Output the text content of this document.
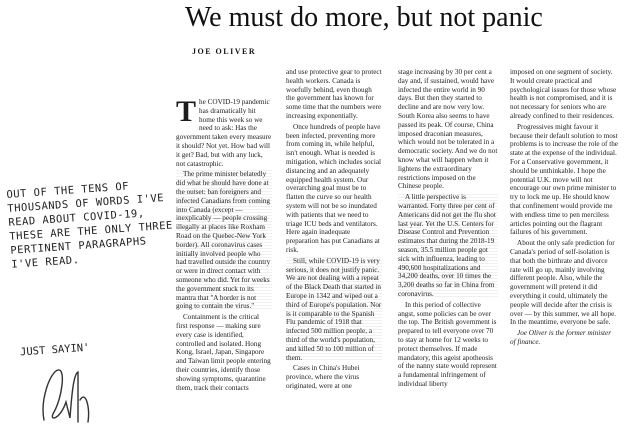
We must do more, but not panic
JOE OLIVER

The COVID-19 pandemic has dramatically hit home this week so we need to ask: Has the government taken every measure it should? Not yet. How bad will it get? Bad, but with any luck, not catastrophic.

The prime minister belatedly did what he should have done at the outset: ban foreigners and infected Canadians from coming into Canada (except — inexplicably — people crossing illegally at places like Roxham Road on the Quebec-New York border). All coronavirus cases initially involved people who had travelled outside the country or were in direct contact with someone who did. Yet for weeks the government stuck to its mantra that "A border is not going to contain the virus."

Containment is the critical first response — making sure every case is identified, controlled and isolated. Hong Kong, Israel, Japan, Singapore and Taiwan limit people entering their countries, identify those showing symptoms, quarantine them, track their contacts

and use protective gear to protect health workers. Canada is woefully behind, even though the government has known for some time that the numbers were increasing exponentially.

Once hundreds of people have been infected, preventing more from coming in, while helpful, isn't enough. What is needed is mitigation, which includes social distancing and an adequately equipped health system. Our overarching goal must be to flatten the curve so our health system will not be so inundated with patients that we need to triage ICU beds and ventilators. Here again inadequate preparation has put Canadians at risk.

Still, while COVID-19 is very serious, it does not justify panic. We are not dealing with a repeat of the Black Death that started in Europe in 1342 and wiped out a third of Europe's population. Nor is it comparable to the Spanish Flu pandemic of 1918 that infected 500 million people, a third of the world's population, and killed 50 to 100 million of them.

Cases in China's Hubei province, where the virus originated, were at one

stage increasing by 30 per cent a day and, if sustained, would have infected the entire world in 90 days. But then they started to decline and are now very low. South Korea also seems to have passed its peak. Of course, China imposed draconian measures, which would not be tolerated in a democratic society. And we do not know what will happen when it lightens the extraordinary restrictions imposed on the Chinese people.

A little perspective is warranted. Forty three per cent of Americans did not get the flu shot last year. Yet the U.S. Centers for Disease Control and Prevention estimates that during the 2018-19 season, 35.5 million people got sick with influenza, leading to 490,600 hospitalizations and 34,200 deaths, over 10 times the 3,200 deaths so far in China from coronavirus.

In this period of collective angst, some policies can be over the top. The British government is prepared to tell everyone over 70 to stay at home for 12 weeks to protect themselves. If made mandatory, this ageist apotheosis of the nanny state would represent a fundamental infringement of individual liberty

imposed on one segment of society. It would create practical and psychological issues for those whose health is not compromised, and it is not necessary for seniors who are already confined to their residences.

Progressives might favour it because their default solution to most problems is to increase the role of the state at the expense of the individual. For a Conservative government, it should be unthinkable. I hope the potential U.K. move will not encourage our own prime minister to try to lock me up. He should know that confinement would provide me with endless time to pen merciless articles pointing out the flagrant failures of his government.

About the only safe prediction for Canada's period of self-isolation is that both the birthrate and divorce rate will go up, mainly involving different people. Also, while the government will pretend it did everything it could, ultimately the people will decide after the crisis is over — by this summer, we all hope. In the meantime, everyone be safe.

Joe Oliver is the former minister of finance.

OUT OF THE TENS OF THOUSANDS OF WORDS I'VE READ ABOUT COVID-19, THESE ARE THE ONLY THREE PERTINENT PARAGRAPHS I'VE READ.
JUST SAYIN'
